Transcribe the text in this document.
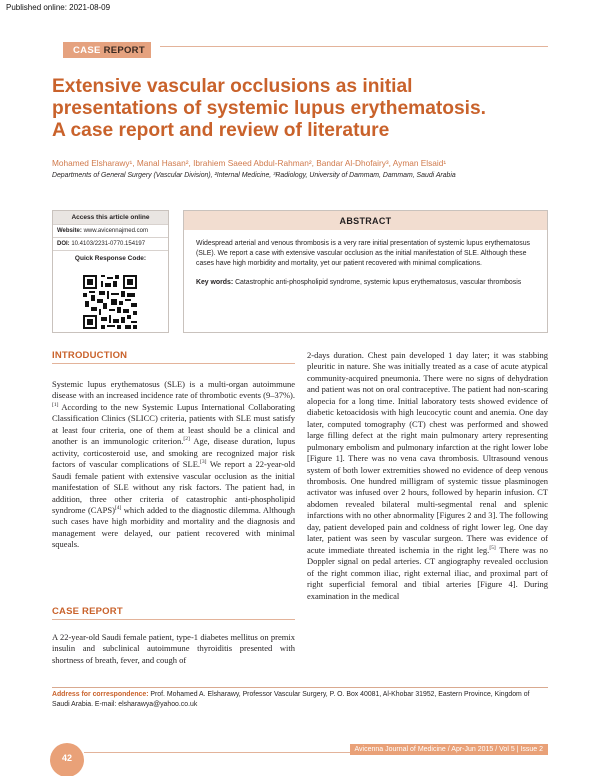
Published online: 2021-08-09
CASE REPORT
Extensive vascular occlusions as initial
presentations of systemic lupus erythematosis.
A case report and review of literature
Mohamed Elsharawy¹, Manal Hasan², Ibrahiem Saeed Abdul-Rahman², Bandar Al-Dhofairy³, Ayman Elsaid¹
Departments of General Surgery (Vascular Division), ²Internal Medicine, ³Radiology, University of Dammam, Dammam, Saudi Arabia
Access this article online
Website: www.avicennajmed.com
DOI: 10.4103/2231-0770.154197
Quick Response Code:
ABSTRACT

Widespread arterial and venous thrombosis is a very rare initial presentation of systemic lupus erythematosus (SLE). We report a case with extensive vascular occlusion as the initial manifestation of SLE. Although these cases have high morbidity and mortality, yet our patient recovered with minimal complications.

Key words: Catastrophic anti-phospholipid syndrome, systemic lupus erythematosus, vascular thrombosis

INTRODUCTION

Systemic lupus erythematosus (SLE) is a multi-organ autoimmune disease with an increased incidence rate of thrombotic events (9–37%).[1] According to the new Systemic Lupus International Collaborating Classification Clinics (SLICC) criteria, patients with SLE must satisfy at least four criteria, one of them at least should be a clinical and another is an immunologic criterion.[2] Age, disease duration, lupus activity, corticosteroid use, and smoking are recognized major risk factors of vascular complications of SLE.[3] We report a 22-year-old Saudi female patient with extensive vascular occlusion as the initial manifestation of SLE without any risk factors. The patient had, in addition, three other criteria of catastrophic anti-phospholipid syndrome (CAPS)[4] which added to the diagnostic dilemma. Although such cases have high morbidity and mortality and the diagnosis and management were delayed, our patient recovered with minimal squeals.

CASE REPORT

A 22-year-old Saudi female patient, type-1 diabetes mellitus on premix insulin and subclinical autoimmune thyroiditis presented with shortness of breath, fever, and cough of

2-days duration. Chest pain developed 1 day later; it was stabbing pleuritic in nature. She was initially treated as a case of acute atypical community-acquired pneumonia. There were no signs of dehydration and patient was not on oral contraceptive. The patient had non-scaring alopecia for a long time. Initial laboratory tests showed evidence of diabetic ketoacidosis with high leucocytic count and anemia. One day later, computed tomography (CT) chest was performed and showed large filling defect at the right main pulmonary artery representing pulmonary embolism and pulmonary infarction at the right lower lobe [Figure 1]. There was no vena cava thrombosis. Ultrasound venous system of both lower extremities showed no evidence of deep venous thrombosis. One hundred milligram of systemic tissue plasminogen activator was infused over 2 hours, followed by heparin infusion. CT abdomen revealed bilateral multi-segmental renal and splenic infarctions with no other abnormality [Figures 2 and 3]. The following day, patient developed pain and coldness of right lower leg. One day later, patient was seen by vascular surgeon. There was evidence of acute immediate threated ischemia in the right leg.[5] There was no Doppler signal on pedal arteries. CT angiography revealed occlusion of the right common iliac, right external iliac, and proximal part of right superficial femoral and tibial arteries [Figure 4]. During examination in the medical

Address for correspondence: Prof. Mohamed A. Elsharawy, Professor Vascular Surgery, P. O. Box 40081, Al-Khobar 31952, Eastern Province, Kingdom of Saudi Arabia. E-mail: elsharawya@yahoo.co.uk
42
Avicenna Journal of Medicine / Apr-Jun 2015 / Vol 5 | Issue 2
